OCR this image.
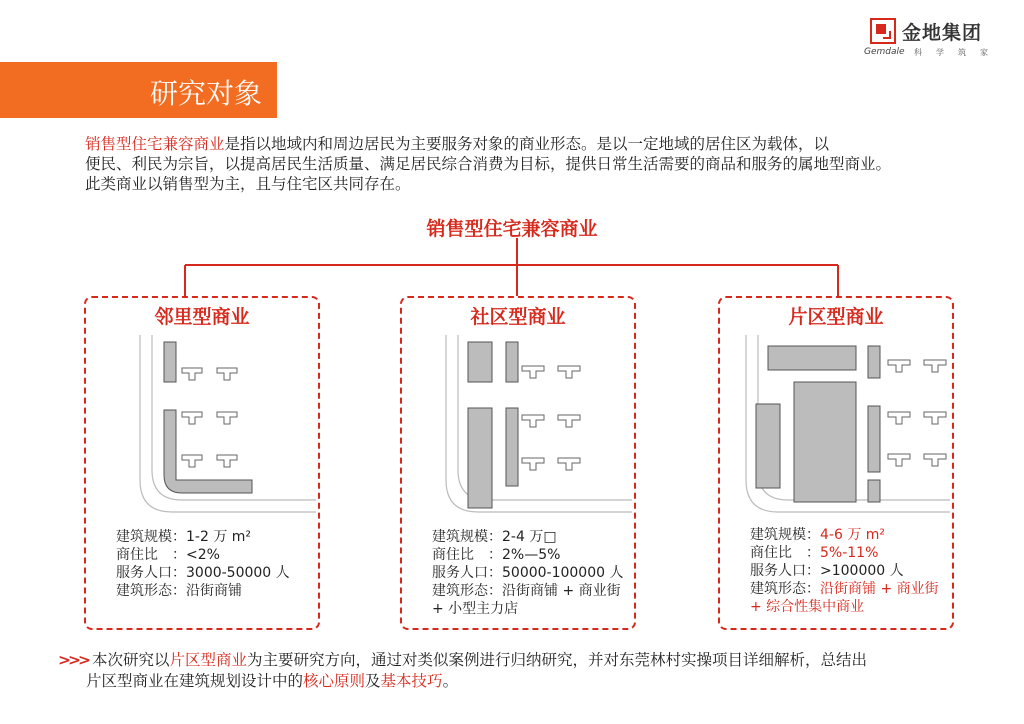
金地集团
Gemdale 科学筑家
研究对象
销售型住宅兼容商业是指以地域内和周边居民为主要服务对象的商业形态。是以一定地域的居住区为载体，以
便民、利民为宗旨，以提高居民生活质量、满足居民综合消费为目标，提供日常生活需要的商品和服务的属地型商业。
此类商业以销售型为主，且与住宅区共同存在。
销售型住宅兼容商业
邻里型商业
建筑规模：1-2 万 m²
商住比　：<2%
服务人口：3000-50000 人
建筑形态：沿街商铺
社区型商业
建筑规模：2-4 万□
商住比　：2%—5%
服务人口：50000-100000 人
建筑形态：沿街商铺 + 商业街
+ 小型主力店
片区型商业
建筑规模：4-6 万 m²
商住比　：5%-11%
服务人口：>100000 人
建筑形态：沿街商铺 + 商业街
+ 综合性集中商业
>>> 本次研究以片区型商业为主要研究方向，通过对类似案例进行归纳研究，并对东莞林村实操项目详细解析，总结出
片区型商业在建筑规划设计中的核心原则及基本技巧。
